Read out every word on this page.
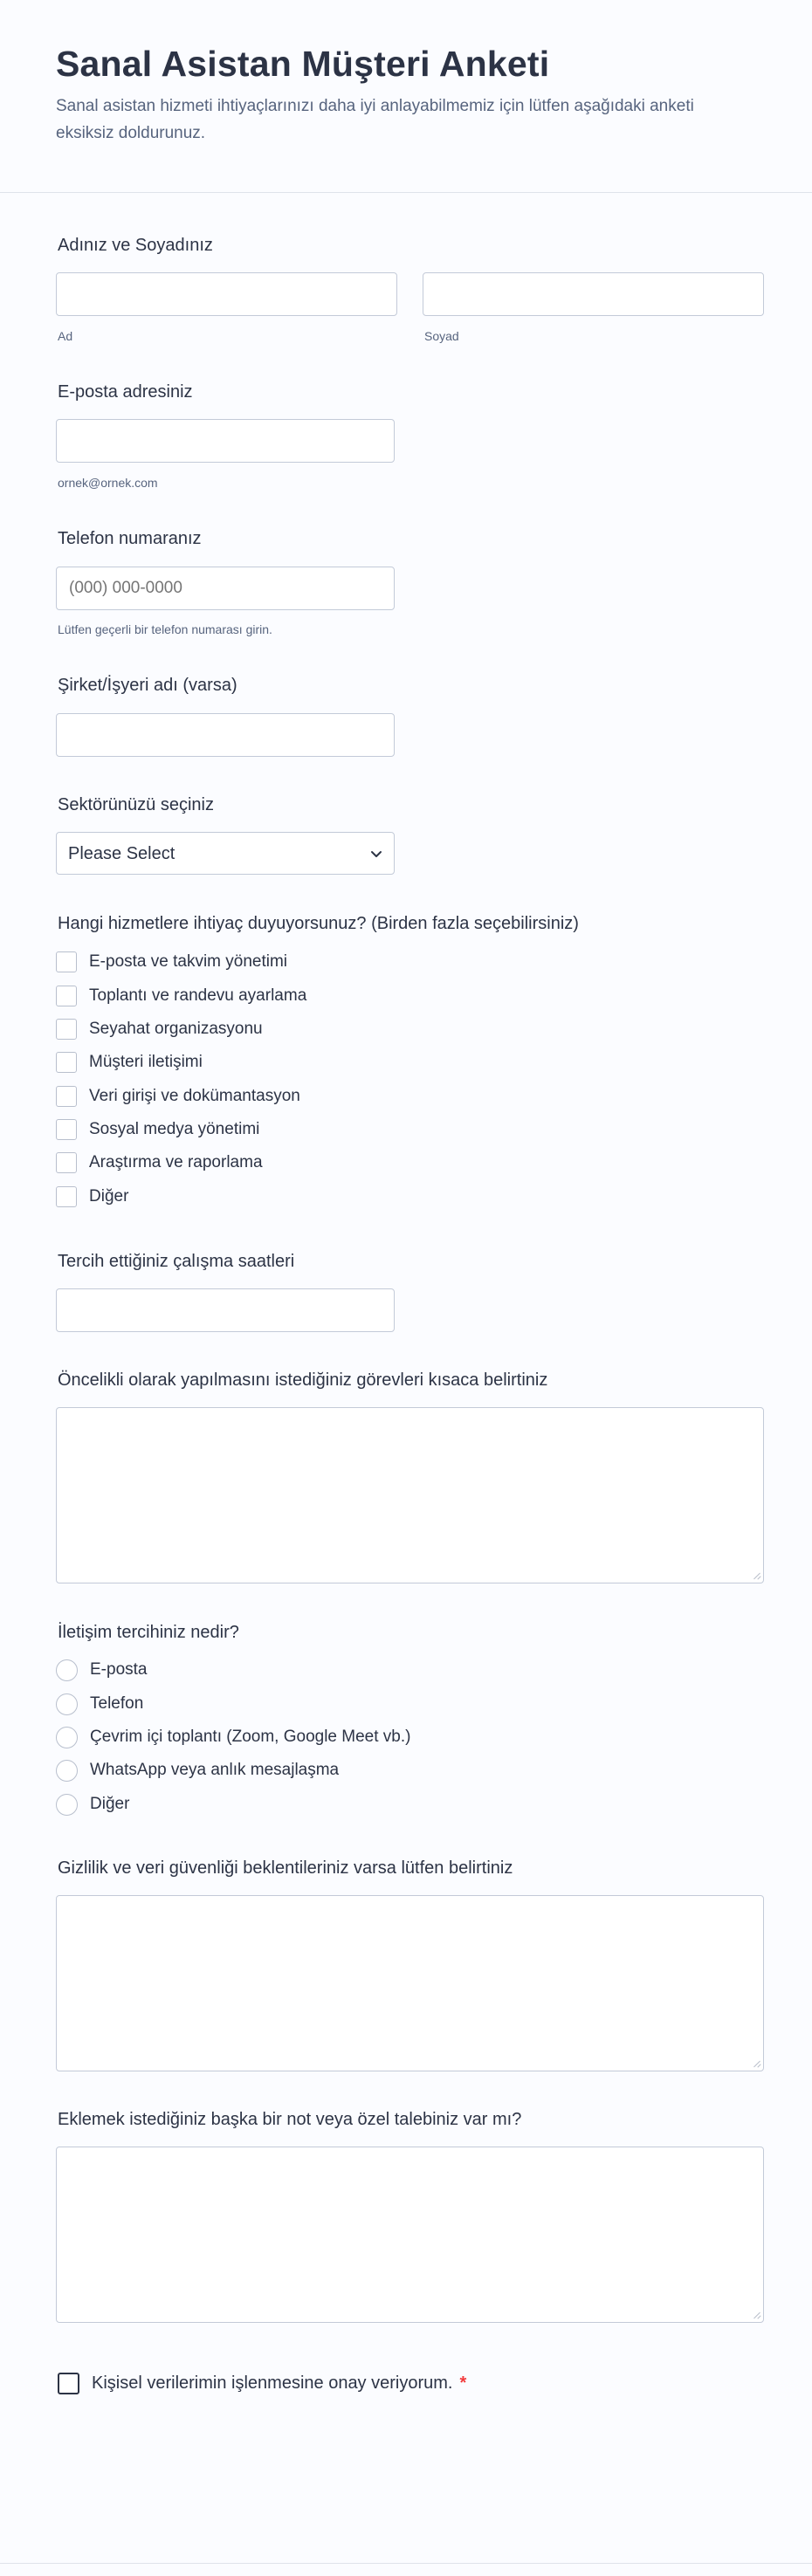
Sanal Asistan Müşteri Anketi
Sanal asistan hizmeti ihtiyaçlarınızı daha iyi anlayabilmemiz için lütfen aşağıdaki anketi eksiksiz doldurunuz.
Adınız ve Soyadınız
Ad	Soyad
E-posta adresiniz
ornek@ornek.com
Telefon numaranız
(000) 000-0000
Lütfen geçerli bir telefon numarası girin.
Şirket/İşyeri adı (varsa)
Sektörünüzü seçiniz
Please Select
Hangi hizmetlere ihtiyaç duyuyorsunuz? (Birden fazla seçebilirsiniz)
E-posta ve takvim yönetimi
Toplantı ve randevu ayarlama
Seyahat organizasyonu
Müşteri iletişimi
Veri girişi ve dokümantasyon
Sosyal medya yönetimi
Araştırma ve raporlama
Diğer
Tercih ettiğiniz çalışma saatleri
Öncelikli olarak yapılmasını istediğiniz görevleri kısaca belirtiniz
İletişim tercihiniz nedir?
E-posta
Telefon
Çevrim içi toplantı (Zoom, Google Meet vb.)
WhatsApp veya anlık mesajlaşma
Diğer
Gizlilik ve veri güvenliği beklentileriniz varsa lütfen belirtiniz
Eklemek istediğiniz başka bir not veya özel talebiniz var mı?
Kişisel verilerimin işlenmesine onay veriyorum. *
